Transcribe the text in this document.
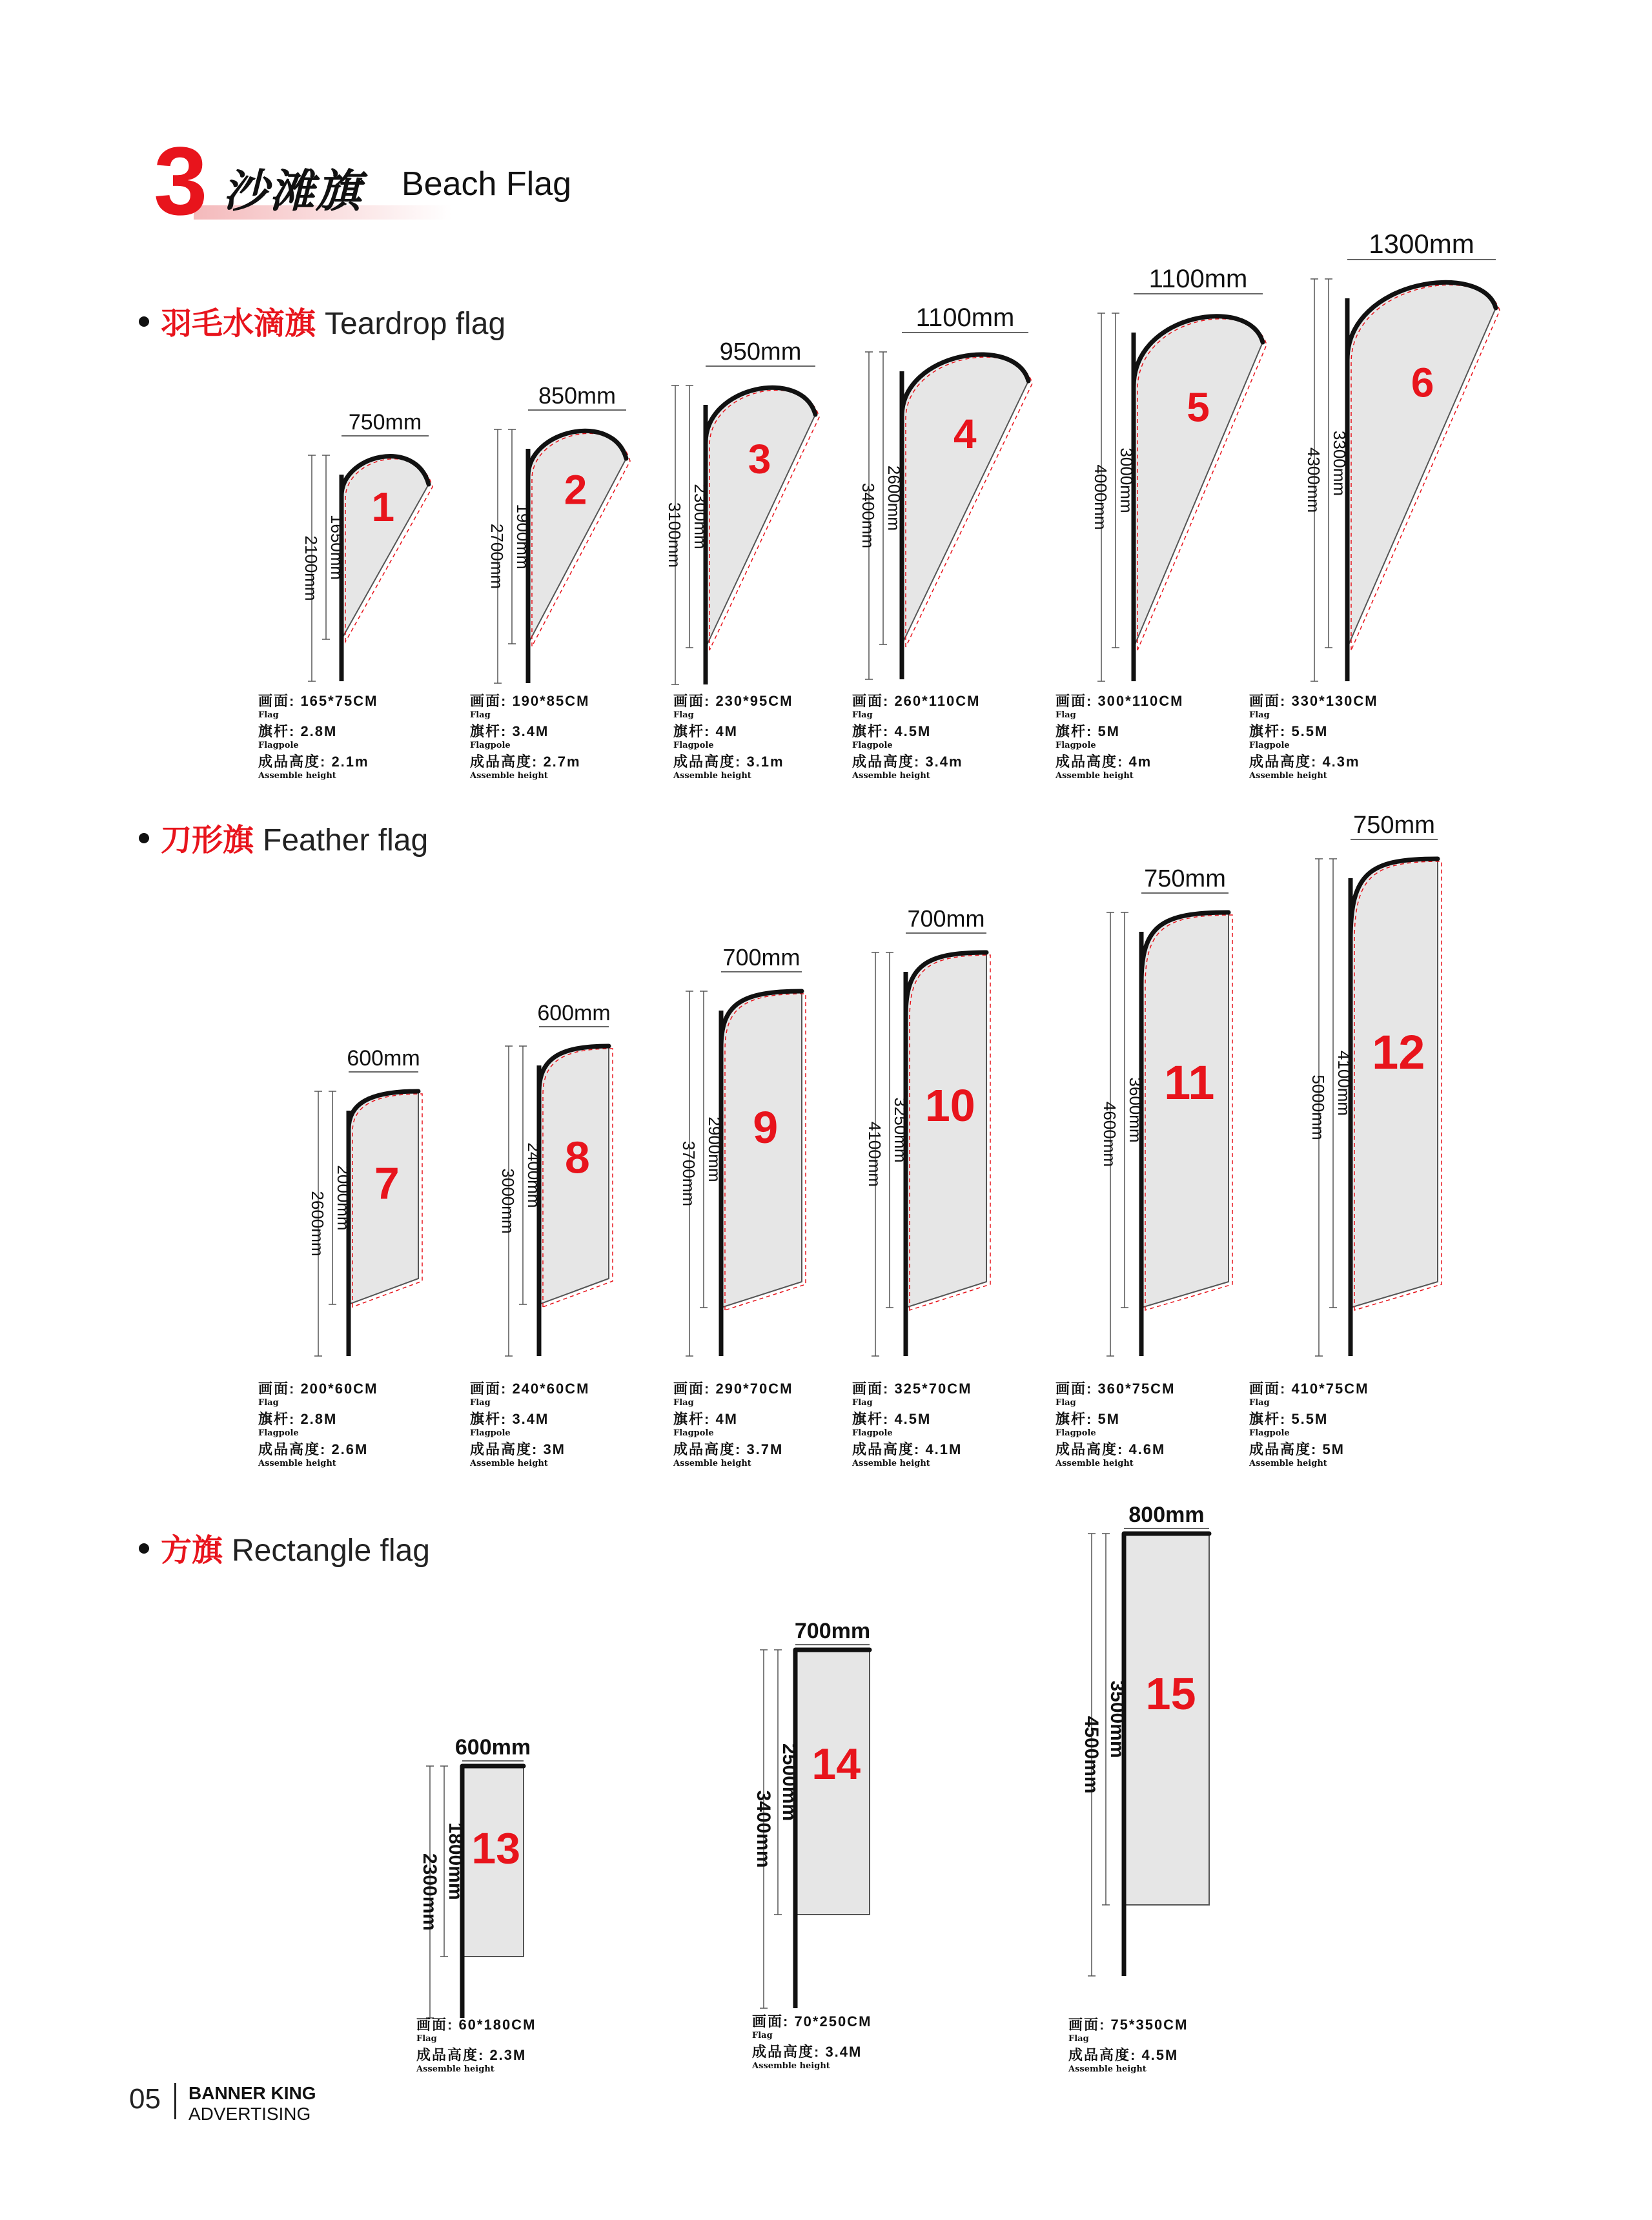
3 沙滩旗 Beach Flag
羽毛水滴旗 Teardrop flag
刀形旗 Feather flag
方旗 Rectangle flag
750mm
1650mm
2100mm
1
850mm
1900mm
2700mm
2
950mm
2300mm
3100mm
3
1100mm
2600mm
3400mm
4
1100mm
3000mm
4000mm
5
1300mm
3300mm
4300mm
6
600mm
2000mm
2600mm
7
600mm
2400mm
3000mm
8
700mm
2900mm
3700mm
9
700mm
3250mm
4100mm
10
750mm
3600mm
4600mm
11
750mm
4100mm
5000mm
12
600mm
1800mm
2300mm
13
700mm
2500mm
3400mm
14
800mm
3500mm
4500mm
15
画面: 165*75CM
Flag
旗杆: 2.8M
Flagpole
成品高度: 2.1m
Assemble height
画面: 190*85CM
Flag
旗杆: 3.4M
Flagpole
成品高度: 2.7m
Assemble height
画面: 230*95CM
Flag
旗杆: 4M
Flagpole
成品高度: 3.1m
Assemble height
画面: 260*110CM
Flag
旗杆: 4.5M
Flagpole
成品高度: 3.4m
Assemble height
画面: 300*110CM
Flag
旗杆: 5M
Flagpole
成品高度: 4m
Assemble height
画面: 330*130CM
Flag
旗杆: 5.5M
Flagpole
成品高度: 4.3m
Assemble height
画面: 200*60CM
Flag
旗杆: 2.8M
Flagpole
成品高度: 2.6M
Assemble height
画面: 240*60CM
Flag
旗杆: 3.4M
Flagpole
成品高度: 3M
Assemble height
画面: 290*70CM
Flag
旗杆: 4M
Flagpole
成品高度: 3.7M
Assemble height
画面: 325*70CM
Flag
旗杆: 4.5M
Flagpole
成品高度: 4.1M
Assemble height
画面: 360*75CM
Flag
旗杆: 5M
Flagpole
成品高度: 4.6M
Assemble height
画面: 410*75CM
Flag
旗杆: 5.5M
Flagpole
成品高度: 5M
Assemble height
画面: 60*180CM
Flag
成品高度: 2.3M
Assemble height
画面: 70*250CM
Flag
成品高度: 3.4M
Assemble height
画面: 75*350CM
Flag
成品高度: 4.5M
Assemble height
05 BANNER KING
ADVERTISING
